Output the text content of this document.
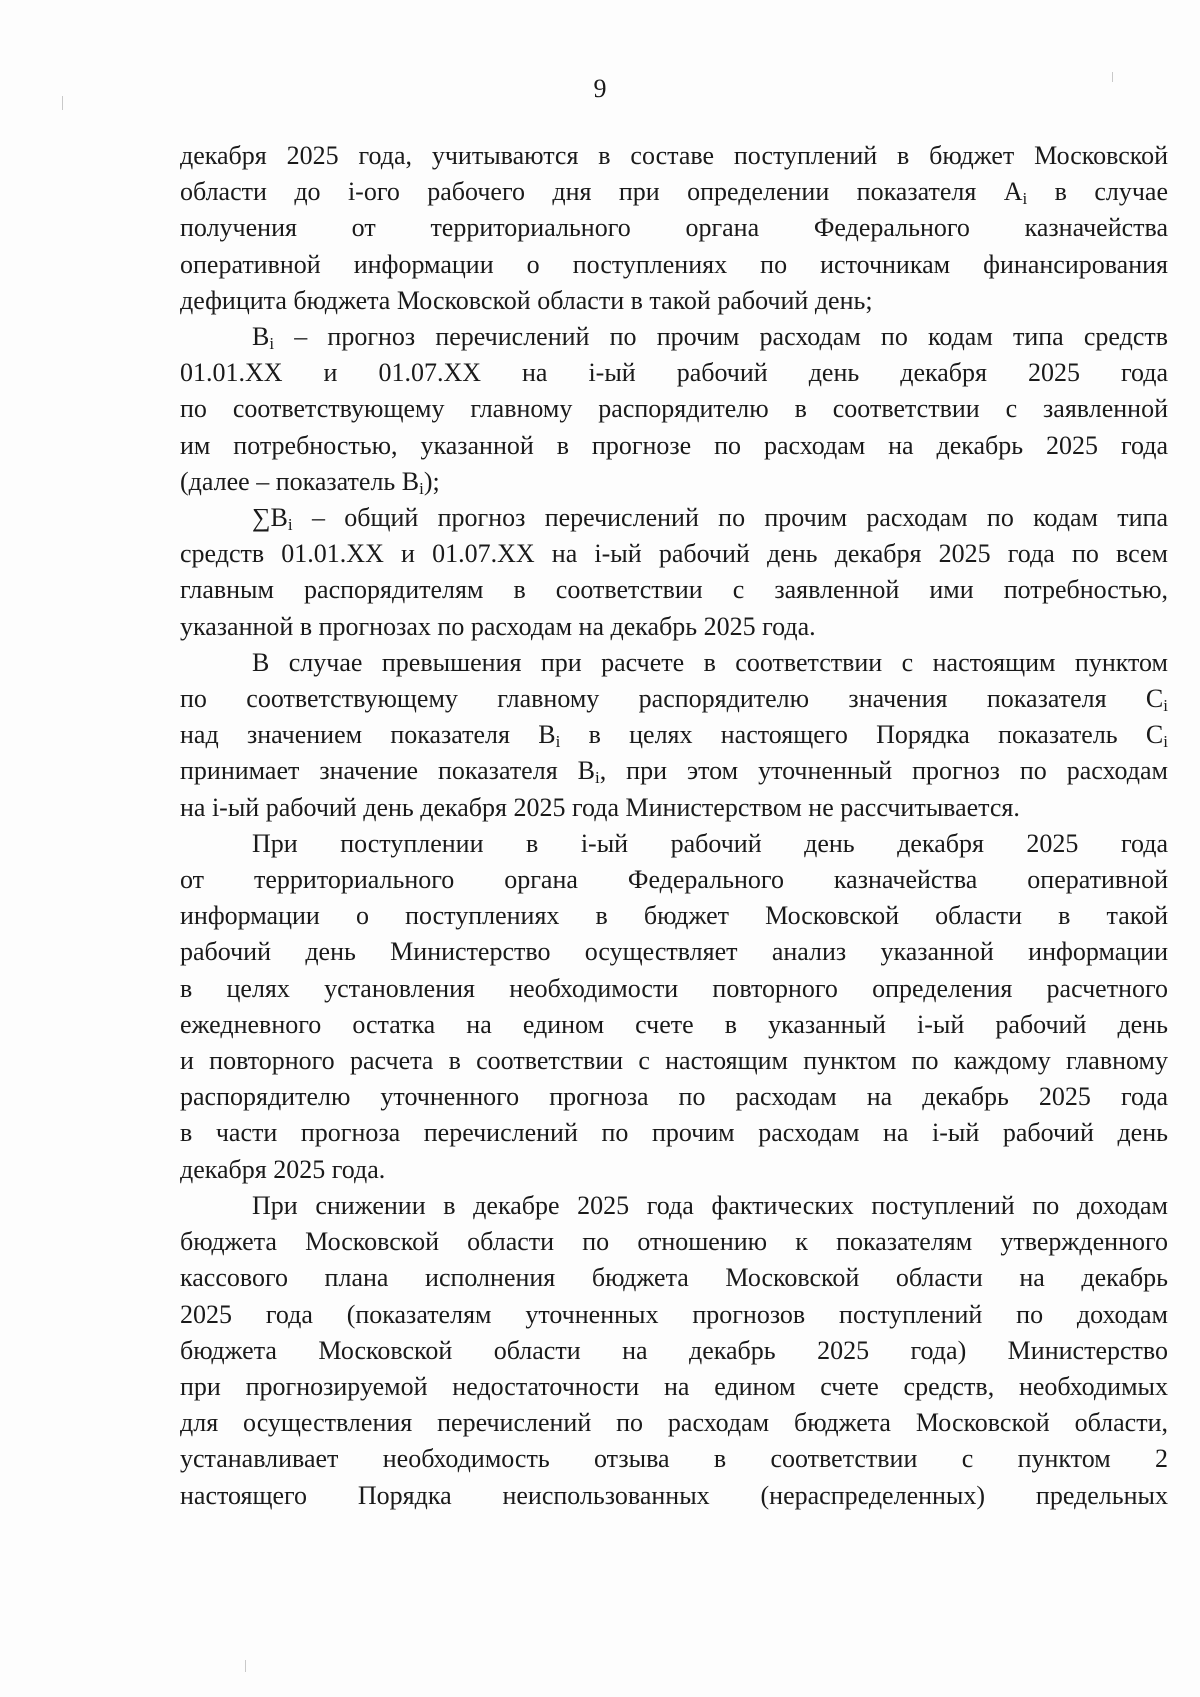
9
декабря 2025 года, учитываются в составе поступлений в бюджет Московской
области до i-ого рабочего дня при определении показателя $A_i$ в случае
получения от территориального органа Федерального казначейства
оперативной информации о поступлениях по источникам финансирования
дефицита бюджета Московской области в такой рабочий день;
$B_i$ – прогноз перечислений по прочим расходам по кодам типа средств
01.01.XX и 01.07.XX на i-ый рабочий день декабря 2025 года
по соответствующему главному распорядителю в соответствии с заявленной
им потребностью, указанной в прогнозе по расходам на декабрь 2025 года
(далее – показатель $B_i$);
$\sum B_i$ – общий прогноз перечислений по прочим расходам по кодам типа
средств 01.01.XX и 01.07.XX на i-ый рабочий день декабря 2025 года по всем
главным распорядителям в соответствии с заявленной ими потребностью,
указанной в прогнозах по расходам на декабрь 2025 года.
В случае превышения при расчете в соответствии с настоящим пунктом
по соответствующему главному распорядителю значения показателя $C_i$
над значением показателя $B_i$ в целях настоящего Порядка показатель $C_i$
принимает значение показателя $B_i$, при этом уточненный прогноз по расходам
на i-ый рабочий день декабря 2025 года Министерством не рассчитывается.
При поступлении в i-ый рабочий день декабря 2025 года
от территориального органа Федерального казначейства оперативной
информации о поступлениях в бюджет Московской области в такой
рабочий день Министерство осуществляет анализ указанной информации
в целях установления необходимости повторного определения расчетного
ежедневного остатка на едином счете в указанный i-ый рабочий день
и повторного расчета в соответствии с настоящим пунктом по каждому главному
распорядителю уточненного прогноза по расходам на декабрь 2025 года
в части прогноза перечислений по прочим расходам на i-ый рабочий день
декабря 2025 года.
При снижении в декабре 2025 года фактических поступлений по доходам
бюджета Московской области по отношению к показателям утвержденного
кассового плана исполнения бюджета Московской области на декабрь
2025 года (показателям уточненных прогнозов поступлений по доходам
бюджета Московской области на декабрь 2025 года) Министерство
при прогнозируемой недостаточности на едином счете средств, необходимых
для осуществления перечислений по расходам бюджета Московской области,
устанавливает необходимость отзыва в соответствии с пунктом 2
настоящего Порядка неиспользованных (нераспределенных) предельных
